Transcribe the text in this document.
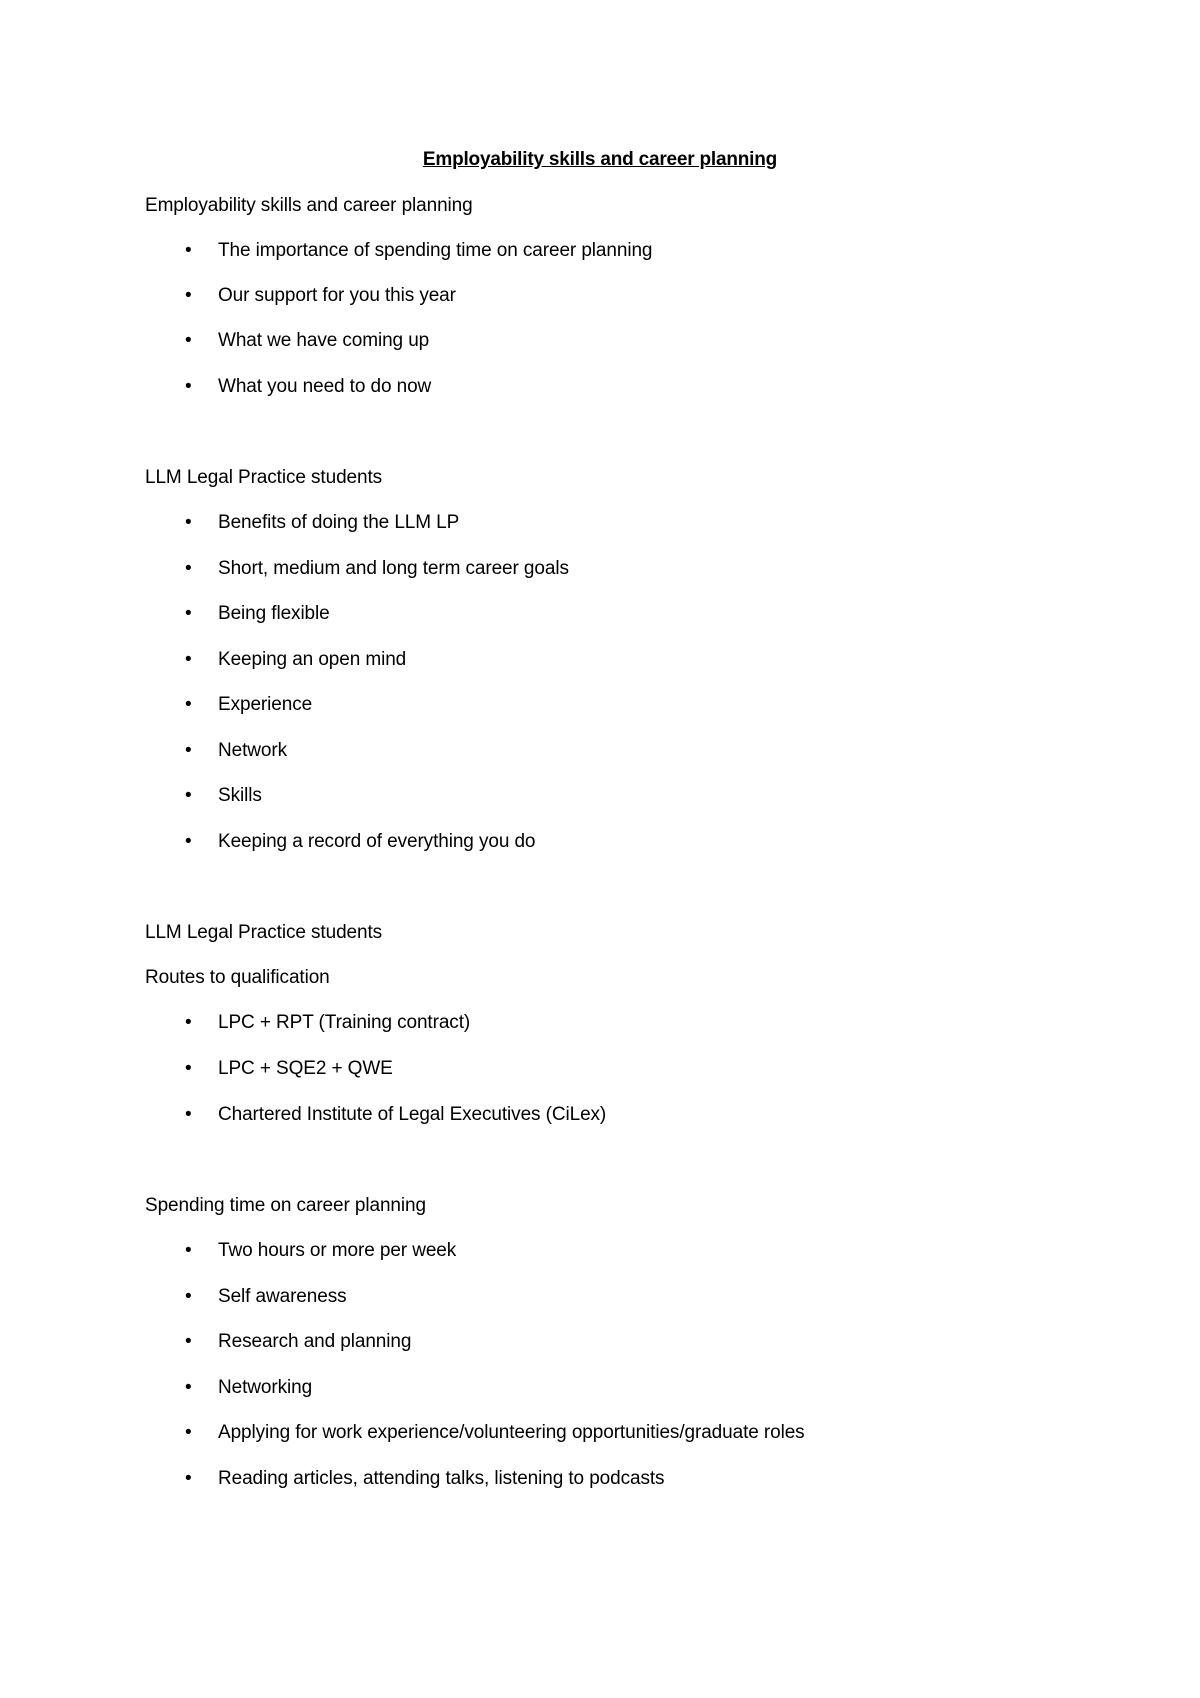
Employability skills and career planning
Employability skills and career planning
•	The importance of spending time on career planning
•	Our support for you this year
•	What we have coming up
•	What you need to do now
LLM Legal Practice students
•	Benefits of doing the LLM LP
•	Short, medium and long term career goals
•	Being flexible
•	Keeping an open mind
•	Experience
•	Network
•	Skills
•	Keeping a record of everything you do
LLM Legal Practice students
Routes to qualification
•	LPC + RPT (Training contract)
•	LPC + SQE2 + QWE
•	Chartered Institute of Legal Executives (CiLex)
Spending time on career planning
•	Two hours or more per week
•	Self awareness
•	Research and planning
•	Networking
•	Applying for work experience/volunteering opportunities/graduate roles
•	Reading articles, attending talks, listening to podcasts
